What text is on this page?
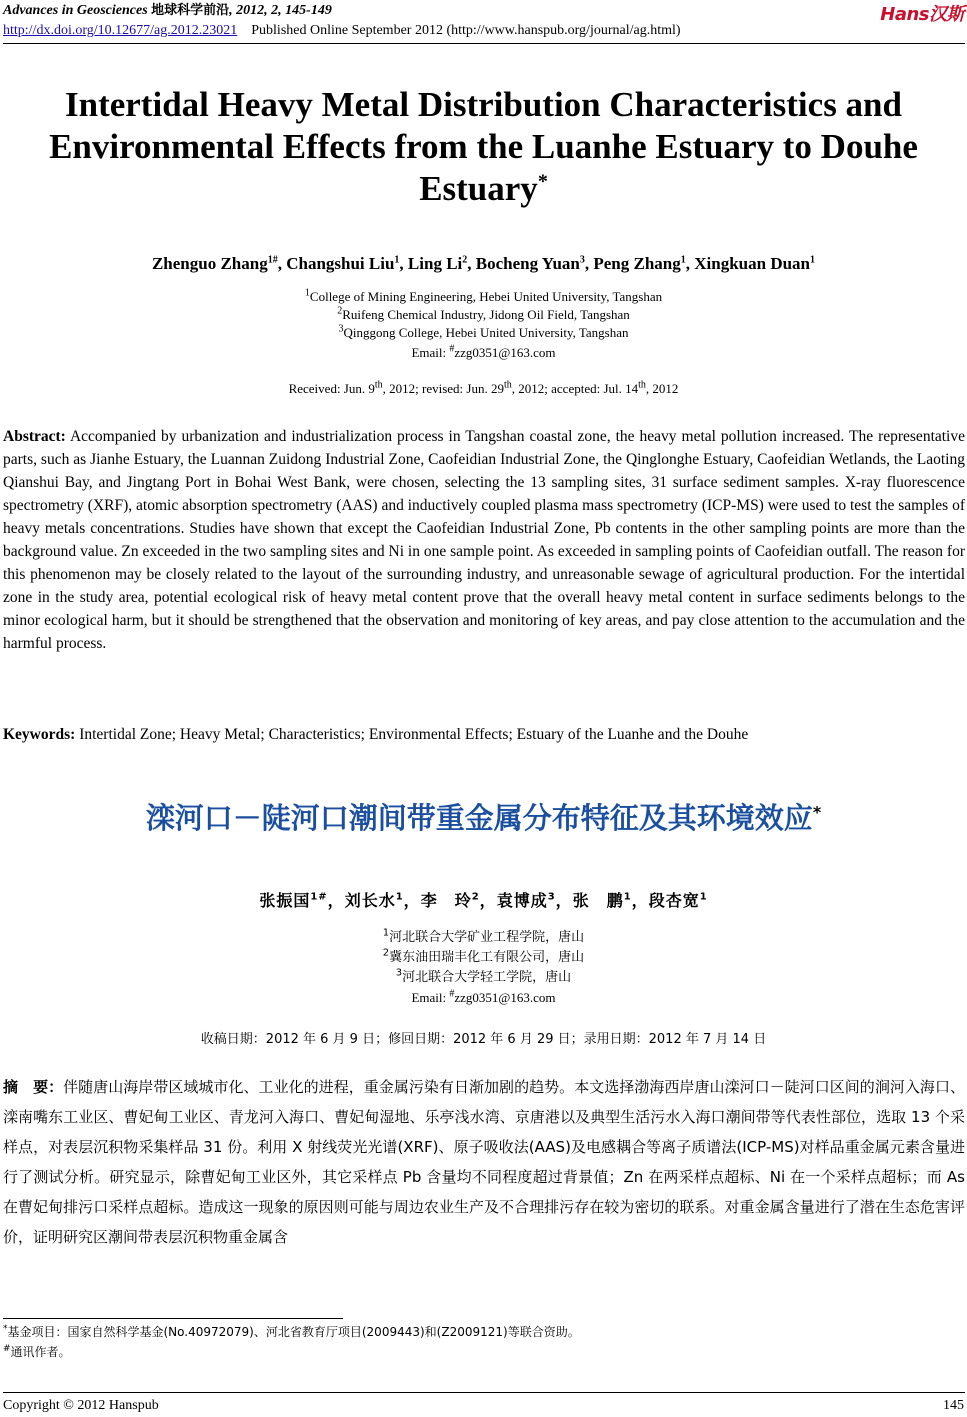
Advances in Geosciences 地球科学前沿, 2012, 2, 145-149	Hans汉斯
http://dx.doi.org/10.12677/ag.2012.23021 Published Online September 2012 (http://www.hanspub.org/journal/ag.html)
Intertidal Heavy Metal Distribution Characteristics and
Environmental Effects from the Luanhe Estuary to Douhe
Estuary*
Zhenguo Zhang$^{1\#}$, Changshui Liu$^1$, Ling Li$^2$, Bocheng Yuan$^3$, Peng Zhang$^1$, Xingkuan Duan$^1$
$^1$College of Mining Engineering, Hebei United University, Tangshan
$^2$Ruifeng Chemical Industry, Jidong Oil Field, Tangshan
$^3$Qinggong College, Hebei United University, Tangshan
Email: #zzg0351@163.com
Received: Jun. 9th, 2012; revised: Jun. 29th, 2012; accepted: Jul. 14th, 2012
Abstract: Accompanied by urbanization and industrialization process in Tangshan coastal zone, the heavy metal pollution increased. The representative parts, such as Jianhe Estuary, the Luannan Zuidong Industrial Zone, Caofeidian Industrial Zone, the Qinglonghe Estuary, Caofeidian Wetlands, the Laoting Qianshui Bay, and Jingtang Port in Bohai West Bank, were chosen, selecting the 13 sampling sites, 31 surface sediment samples. X-ray fluorescence spectrometry (XRF), atomic absorption spectrometry (AAS) and inductively coupled plasma mass spectrometry (ICP-MS) were used to test the samples of heavy metals concentrations. Studies have shown that except the Caofeidian Industrial Zone, Pb contents in the other sampling points are more than the background value. Zn exceeded in the two sampling sites and Ni in one sample point. As exceeded in sampling points of Caofeidian outfall. The reason for this phenomenon may be closely related to the layout of the surrounding industry, and unreasonable sewage of agricultural production. For the intertidal zone in the study area, potential ecological risk of heavy metal content prove that the overall heavy metal content in surface sediments belongs to the minor ecological harm, but it should be strengthened that the observation and monitoring of key areas, and pay close attention to the accumulation and the harmful process.
Keywords: Intertidal Zone; Heavy Metal; Characteristics; Environmental Effects; Estuary of the Luanhe and the Douhe
滦河口－陡河口潮间带重金属分布特征及其环境效应*
张振国$^{1\#}$，刘长水$^1$，李　玲$^2$，袁博成$^3$，张　鹏$^1$，段杏宽$^1$
$^1$河北联合大学矿业工程学院，唐山
$^2$冀东油田瑞丰化工有限公司，唐山
$^3$河北联合大学轻工学院，唐山
Email: #zzg0351@163.com
收稿日期：2012 年 6 月 9 日；修回日期：2012 年 6 月 29 日；录用日期：2012 年 7 月 14 日
摘　要：伴随唐山海岸带区域城市化、工业化的进程，重金属污染有日渐加剧的趋势。本文选择渤海西岸唐山滦河口－陡河口区间的涧河入海口、滦南嘴东工业区、曹妃甸工业区、青龙河入海口、曹妃甸湿地、乐亭浅水湾、京唐港以及典型生活污水入海口潮间带等代表性部位，选取 13 个采样点，对表层沉积物采集样品 31 份。利用 X 射线荧光光谱(XRF)、原子吸收法(AAS)及电感耦合等离子质谱法(ICP-MS)对样品重金属元素含量进行了测试分析。研究显示，除曹妃甸工业区外，其它采样点 Pb 含量均不同程度超过背景值；Zn 在两采样点超标、Ni 在一个采样点超标；而 As 在曹妃甸排污口采样点超标。造成这一现象的原因则可能与周边农业生产及不合理排污存在较为密切的联系。对重金属含量进行了潜在生态危害评价，证明研究区潮间带表层沉积物重金属含
*基金项目：国家自然科学基金(No.40972079)、河北省教育厅项目(2009443)和(Z2009121)等联合资助。
#通讯作者。
Copyright © 2012 Hanspub	145
